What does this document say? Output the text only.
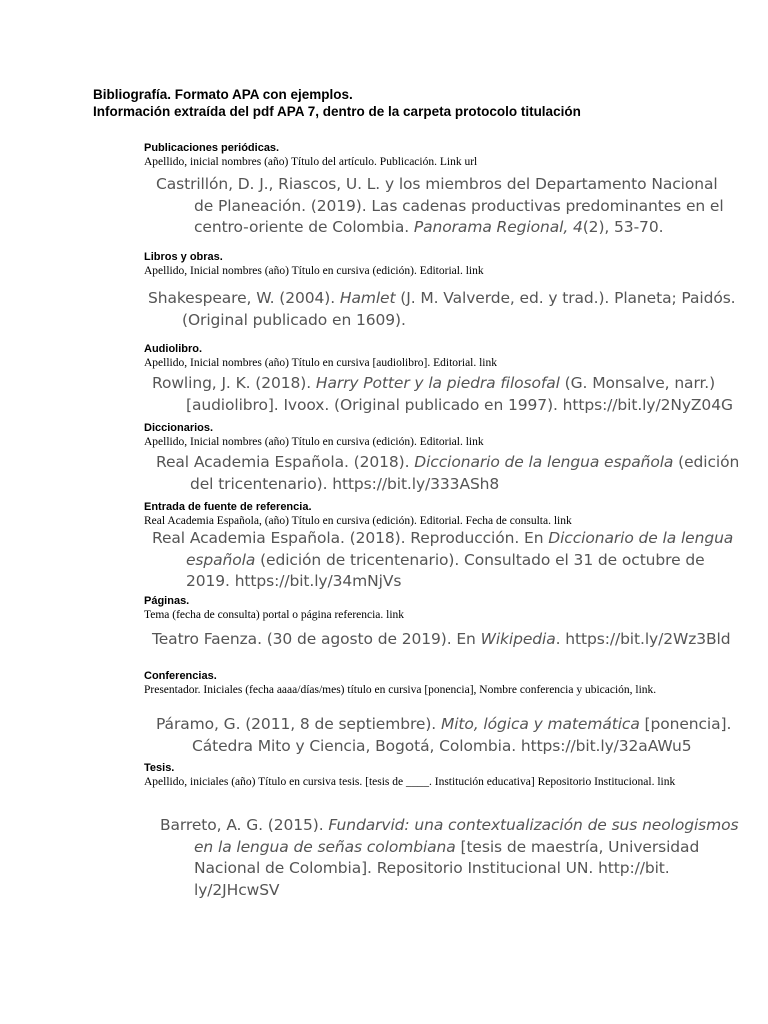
Bibliografía. Formato APA con ejemplos.
Información extraída del pdf APA 7, dentro de la carpeta protocolo titulación

Publicaciones periódicas.

Apellido, inicial nombres (año) Título del artículo. Publicación. Link url

Castrillón, D. J., Riascos, U. L. y los miembros del Departamento Nacional

de Planeación. (2019). Las cadenas productivas predominantes en el

centro-oriente de Colombia. Panorama Regional, 4(2), 53-70.

Libros y obras.

Apellido, Inicial nombres (año) Título en cursiva (edición). Editorial. link

Shakespeare, W. (2004). Hamlet (J. M. Valverde, ed. y trad.). Planeta; Paidós.

(Original publicado en 1609).

Audiolibro.

Apellido, Inicial nombres (año) Título en cursiva [audiolibro]. Editorial. link

Rowling, J. K. (2018). Harry Potter y la piedra filosofal (G. Monsalve, narr.)

[audiolibro]. Ivoox. (Original publicado en 1997). https://bit.ly/2NyZ04G

Diccionarios.

Apellido, Inicial nombres (año) Título en cursiva (edición). Editorial. link

Real Academia Española. (2018). Diccionario de la lengua española (edición

del tricentenario). https://bit.ly/333ASh8

Entrada de fuente de referencia.

Real Academia Española, (año) Título en cursiva (edición). Editorial. Fecha de consulta. link

Real Academia Española. (2018). Reproducción. En Diccionario de la lengua

española (edición de tricentenario). Consultado el 31 de octubre de

2019. https://bit.ly/34mNjVs

Páginas.

Tema (fecha de consulta) portal o página referencia. link

Teatro Faenza. (30 de agosto de 2019). En Wikipedia. https://bit.ly/2Wz3Bld

Conferencias.

Presentador. Iniciales (fecha aaaa/días/mes) título en cursiva [ponencia], Nombre conferencia y ubicación, link.

Páramo, G. (2011, 8 de septiembre). Mito, lógica y matemática [ponencia].

Cátedra Mito y Ciencia, Bogotá, Colombia. https://bit.ly/32aAWu5

Tesis.

Apellido, iniciales (año) Título en cursiva tesis. [tesis de ____. Institución educativa] Repositorio Institucional. link

Barreto, A. G. (2015). Fundarvid: una contextualización de sus neologismos

en la lengua de señas colombiana [tesis de maestría, Universidad

Nacional de Colombia]. Repositorio Institucional UN. http://bit.

ly/2JHcwSV
